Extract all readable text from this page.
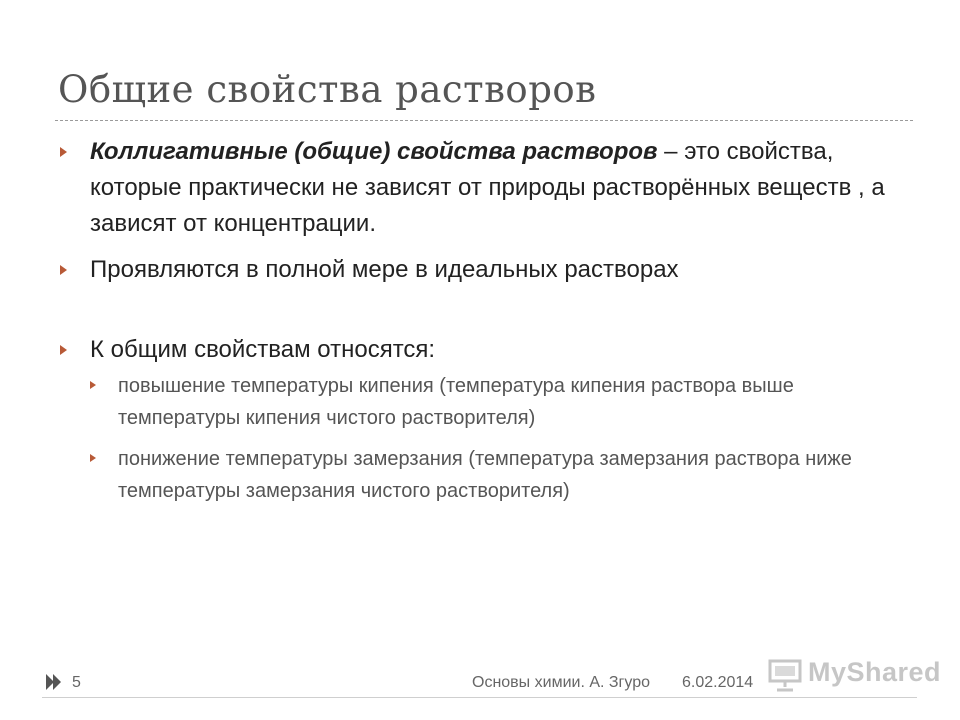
Общие свойства растворов
Коллигативные (общие) свойства растворов – это свойства, которые практически не зависят от природы растворённых веществ , а зависят от концентрации.
Проявляются в полной мере в идеальных растворах
К общим свойствам относятся:
повышение температуры кипения (температура кипения раствора выше температуры кипения чистого растворителя)
понижение температуры замерзания (температура замерзания раствора ниже температуры замерзания чистого растворителя)
5	Основы химии. А. Згуро 6.02.2014 MyShared
